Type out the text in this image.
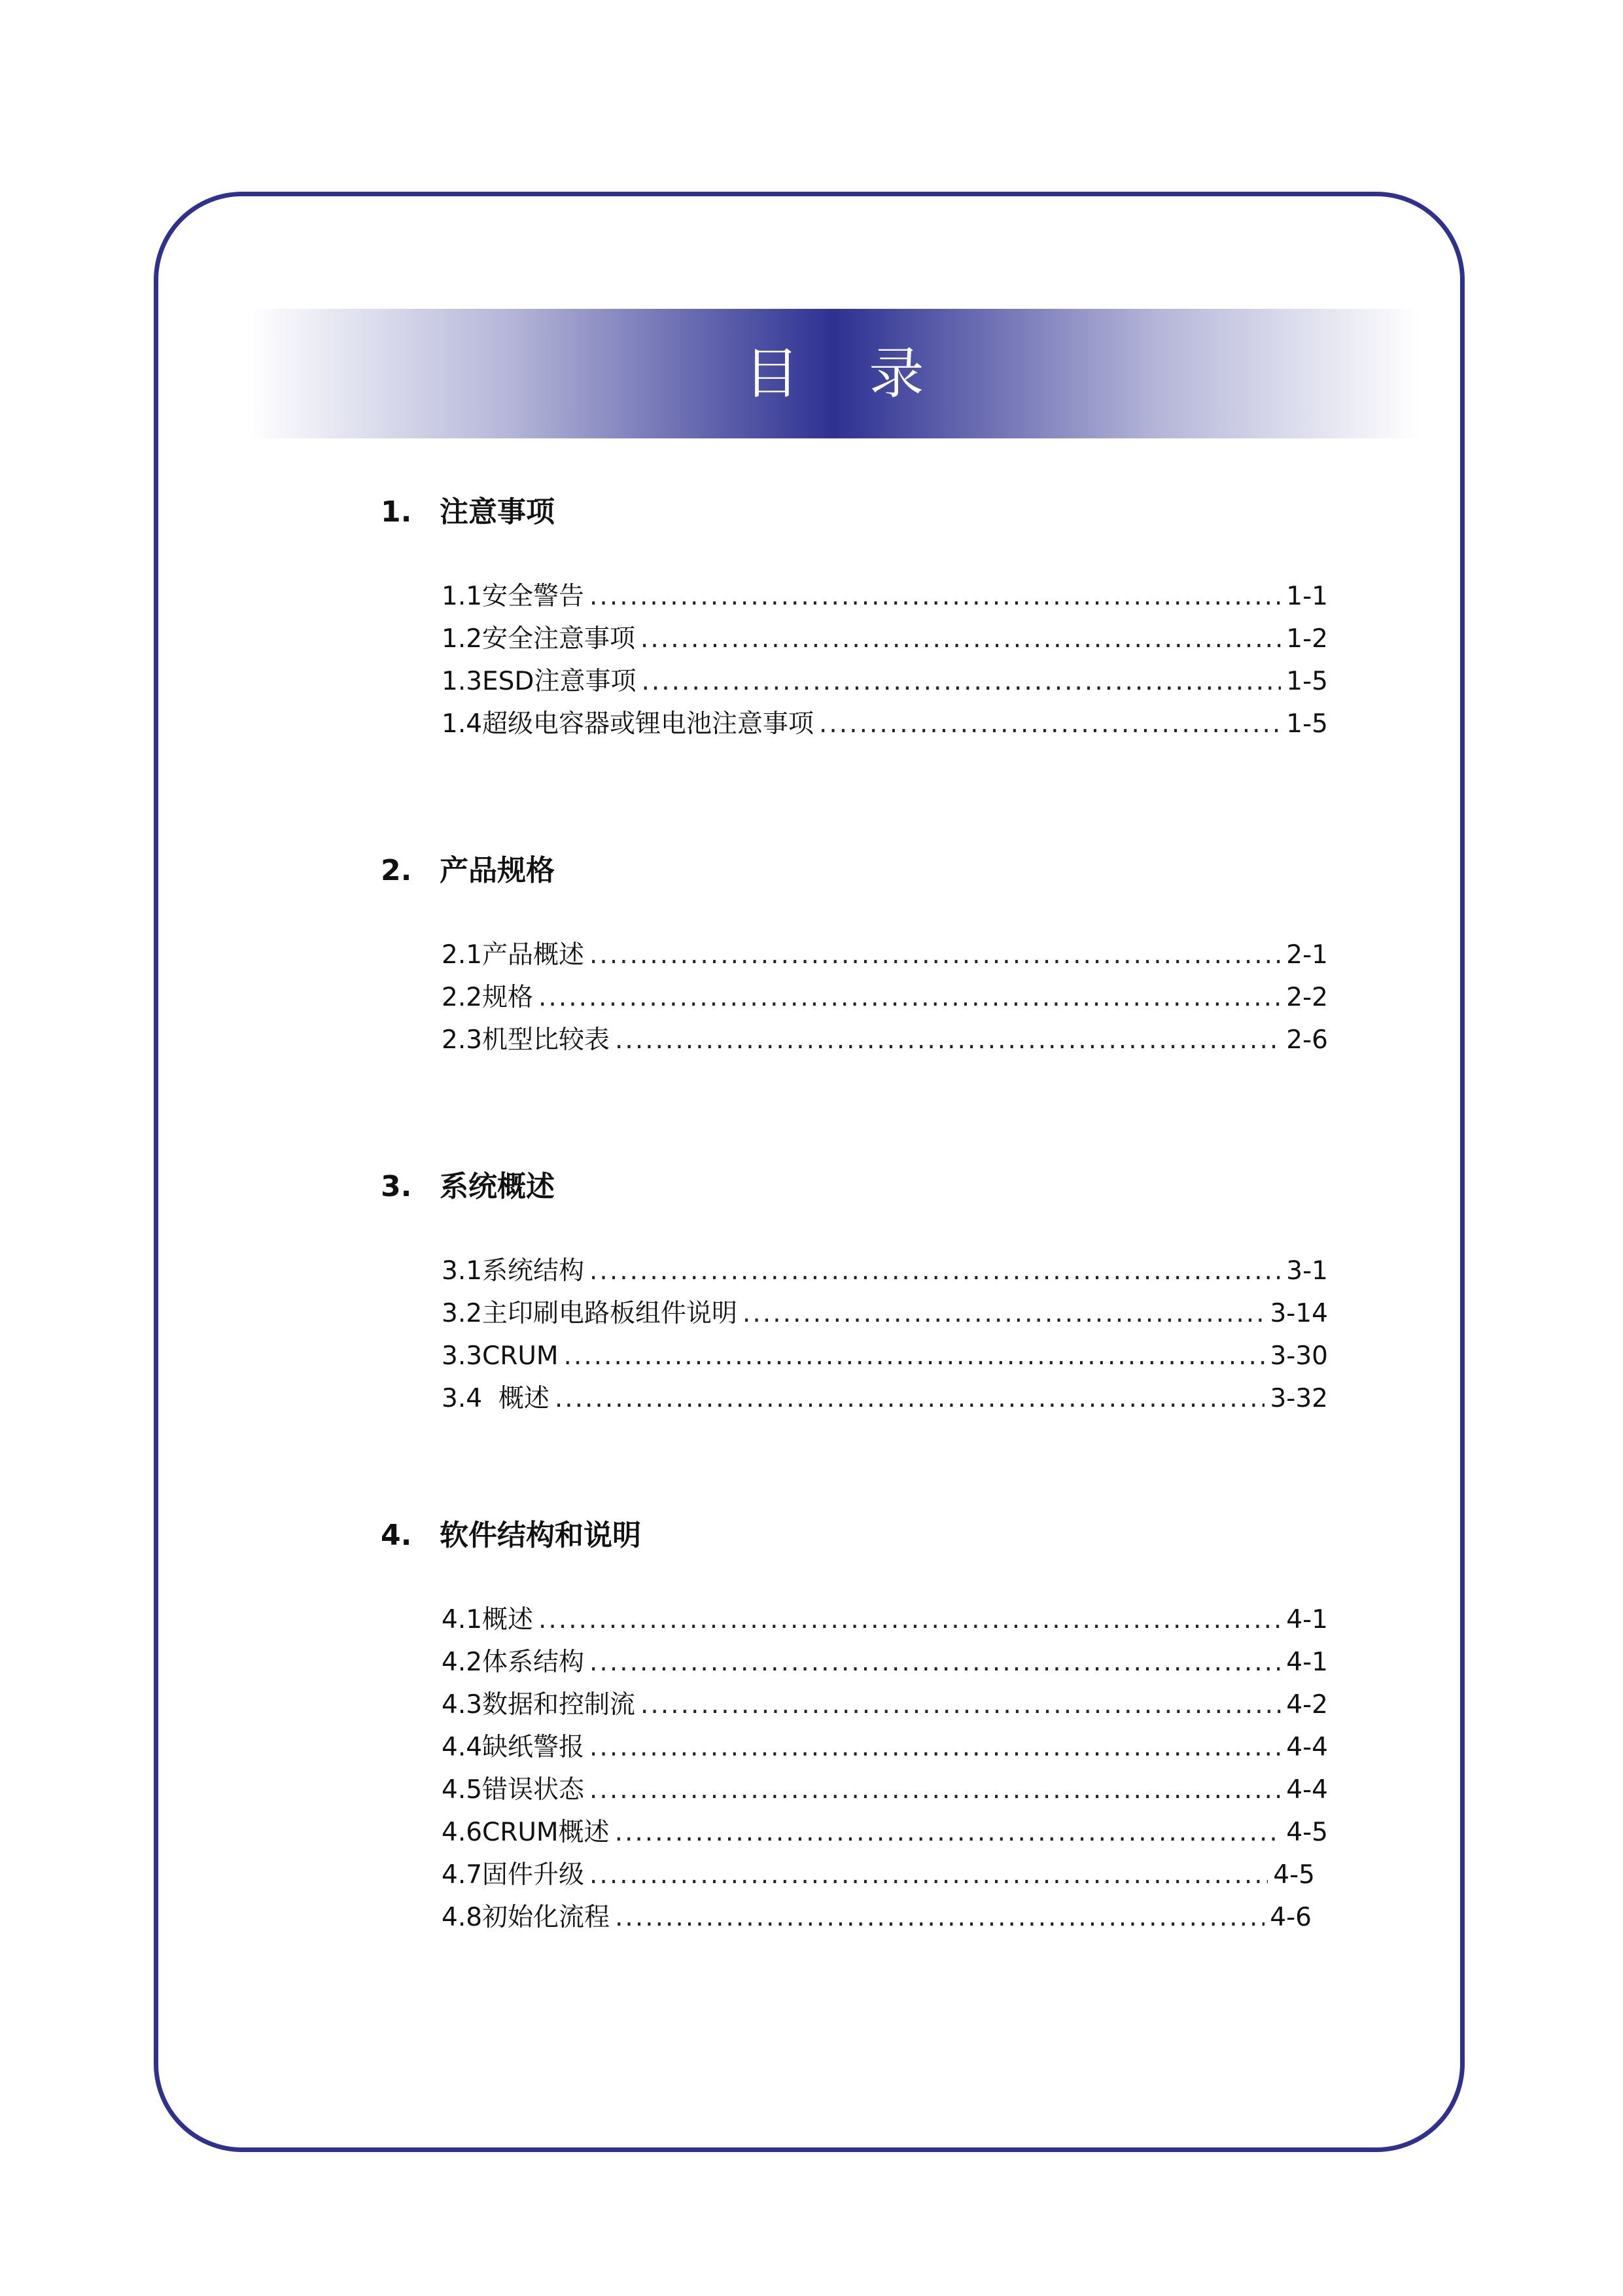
目 录
1. 注意事项
1.1安全警告 .....	1-1
1.2安全注意事项 .....	1-2
1.3ESD注意事项 .....	1-5
1.4超级电容器或锂电池注意事项 .....	1-5
2. 产品规格
2.1产品概述 .....	2-1
2.2规格 .....	2-2
2.3机型比较表 .....	2-6
3. 系统概述
3.1系统结构 .....	3-1
3.2主印刷电路板组件说明 .....	3-14
3.3CRUM .....	3-30
3.4  概述 .....	3-32
4. 软件结构和说明
4.1概述 .....	4-1
4.2体系结构 .....	4-1
4.3数据和控制流 .....	4-2
4.4缺纸警报 .....	4-4
4.5错误状态 .....	4-4
4.6CRUM概述 .....	4-5
4.7固件升级 .....	4-5
4.8初始化流程 .....	4-6
